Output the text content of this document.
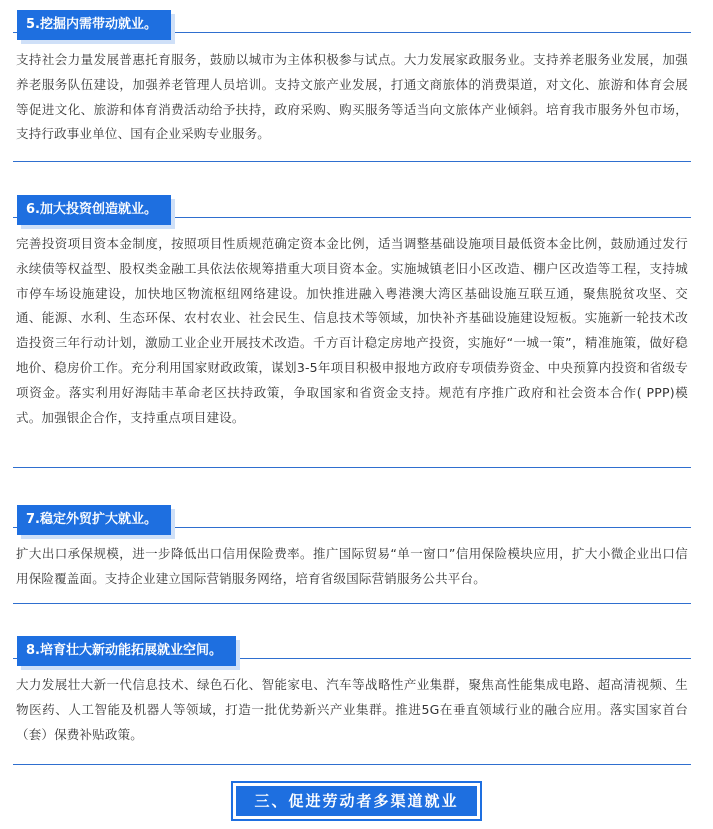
5.挖掘内需带动就业。
支持社会力量发展普惠托育服务，鼓励以城市为主体积极参与试点。大力发展家政服务业。支持养老服务业发展，加强养老服务队伍建设，加强养老管理人员培训。支持文旅产业发展，打通文商旅体的消费渠道，对文化、旅游和体育会展等促进文化、旅游和体育消费活动给予扶持，政府采购、购买服务等适当向文旅体产业倾斜。培育我市服务外包市场，支持行政事业单位、国有企业采购专业服务。
6.加大投资创造就业。
完善投资项目资本金制度，按照项目性质规范确定资本金比例，适当调整基础设施项目最低资本金比例，鼓励通过发行永续债等权益型、股权类金融工具依法依规筹措重大项目资本金。实施城镇老旧小区改造、棚户区改造等工程，支持城市停车场设施建设，加快地区物流枢纽网络建设。加快推进融入粤港澳大湾区基础设施互联互通，聚焦脱贫攻坚、交通、能源、水利、生态环保、农村农业、社会民生、信息技术等领域，加快补齐基础设施建设短板。实施新一轮技术改造投资三年行动计划，激励工业企业开展技术改造。千方百计稳定房地产投资，实施好“一城一策”，精准施策，做好稳地价、稳房价工作。充分利用国家财政政策，谋划3-5年项目积极申报地方政府专项债券资金、中央预算内投资和省级专项资金。落实利用好海陆丰革命老区扶持政策，争取国家和省资金支持。规范有序推广政府和社会资本合作( PPP)模式。加强银企合作，支持重点项目建设。
7.稳定外贸扩大就业。
扩大出口承保规模，进一步降低出口信用保险费率。推广国际贸易“单一窗口”信用保险模块应用，扩大小微企业出口信用保险覆盖面。支持企业建立国际营销服务网络，培育省级国际营销服务公共平台。
8.培育壮大新动能拓展就业空间。
大力发展壮大新一代信息技术、绿色石化、智能家电、汽车等战略性产业集群，聚焦高性能集成电路、超高清视频、生物医药、人工智能及机器人等领域，打造一批优势新兴产业集群。推进5G在垂直领域行业的融合应用。落实国家首台（套）保费补贴政策。
三、促进劳动者多渠道就业
